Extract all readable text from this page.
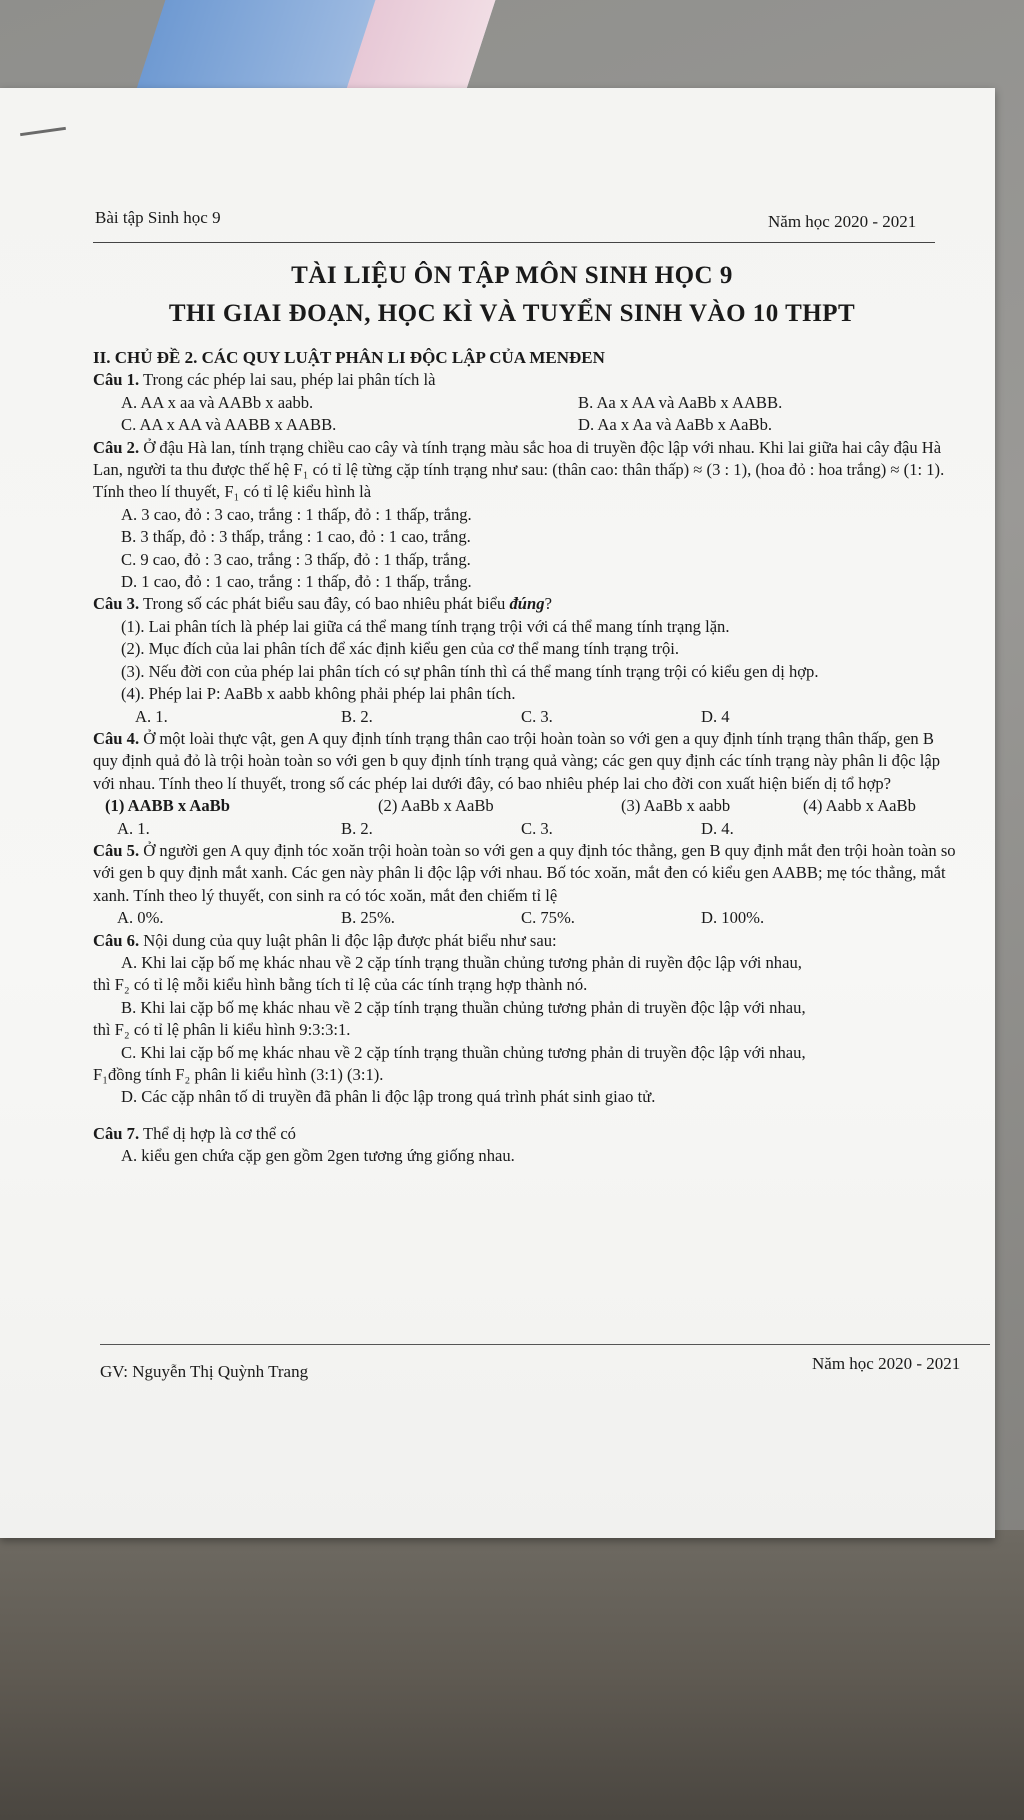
Bài tập Sinh học 9	Năm học 2020 - 2021
TÀI LIỆU ÔN TẬP MÔN SINH HỌC 9
THI GIAI ĐOẠN, HỌC KÌ VÀ TUYỂN SINH VÀO 10 THPT

II. CHỦ ĐỀ 2. CÁC QUY LUẬT PHÂN LI ĐỘC LẬP CỦA MENĐEN

Câu 1. Trong các phép lai sau, phép lai phân tích là

A. AA x aa và AABb x aabb.	B. Aa x AA và AaBb x AABB.
C. AA x AA và AABB x AABB.	D. Aa x Aa và AaBb x AaBb.

Câu 2. Ở đậu Hà lan, tính trạng chiều cao cây và tính trạng màu sắc hoa di truyền độc lập với nhau. Khi lai giữa hai cây đậu Hà Lan, người ta thu được thế hệ F₁ có tỉ lệ từng cặp tính trạng như sau: (thân cao: thân thấp) ≈ (3 : 1), (hoa đỏ : hoa trắng) ≈ (1: 1). Tính theo lí thuyết, F₁ có tỉ lệ kiểu hình là

A. 3 cao, đỏ : 3 cao, trắng : 1 thấp, đỏ : 1 thấp, trắng.

B. 3 thấp, đỏ : 3 thấp, trắng : 1 cao, đỏ : 1 cao, trắng.

C. 9 cao, đỏ : 3 cao, trắng : 3 thấp, đỏ : 1 thấp, trắng.

D. 1 cao, đỏ : 1 cao, trắng : 1 thấp, đỏ : 1 thấp, trắng.

Câu 3. Trong số các phát biểu sau đây, có bao nhiêu phát biểu đúng?

(1). Lai phân tích là phép lai giữa cá thể mang tính trạng trội với cá thể mang tính trạng lặn.

(2). Mục đích của lai phân tích để xác định kiểu gen của cơ thể mang tính trạng trội.

(3). Nếu đời con của phép lai phân tích có sự phân tính thì cá thể mang tính trạng trội có kiểu gen dị hợp.

(4). Phép lai P: AaBb x aabb không phải phép lai phân tích.

A. 1.	B. 2.	C. 3.	D. 4

Câu 4. Ở một loài thực vật, gen A quy định tính trạng thân cao trội hoàn toàn so với gen a quy định tính trạng thân thấp, gen B quy định quả đỏ là trội hoàn toàn so với gen b quy định tính trạng quả vàng; các gen quy định các tính trạng này phân li độc lập với nhau. Tính theo lí thuyết, trong số các phép lai dưới đây, có bao nhiêu phép lai cho đời con xuất hiện biến dị tổ hợp?

(1) AABB x AaBb	(2) AaBb x AaBb	(3) AaBb x aabb	(4) Aabb x AaBb
A. 1.	B. 2.	C. 3.	D. 4.

Câu 5. Ở người gen A quy định tóc xoăn trội hoàn toàn so với gen a quy định tóc thẳng, gen B quy định mắt đen trội hoàn toàn so với gen b quy định mắt xanh. Các gen này phân li độc lập với nhau. Bố tóc xoăn, mắt đen có kiểu gen AABB; mẹ tóc thẳng, mắt xanh. Tính theo lý thuyết, con sinh ra có tóc xoăn, mắt đen chiếm tỉ lệ

A. 0%.	B. 25%.	C. 75%.	D. 100%.

Câu 6. Nội dung của quy luật phân li độc lập được phát biểu như sau:

A. Khi lai cặp bố mẹ khác nhau về 2 cặp tính trạng thuần chủng tương phản di ruyền độc lập với nhau,

thì F₂ có tỉ lệ mỗi kiểu hình bằng tích tỉ lệ của các tính trạng hợp thành nó.

B. Khi lai cặp bố mẹ khác nhau về 2 cặp tính trạng thuần chủng tương phản di truyền độc lập với nhau,

thì F₂ có tỉ lệ phân li kiểu hình 9:3:3:1.

C. Khi lai cặp bố mẹ khác nhau về 2 cặp tính trạng thuần chủng tương phản di truyền độc lập với nhau,

F₁đồng tính F₂ phân li kiểu hình (3:1) (3:1).

D. Các cặp nhân tố di truyền đã phân li độc lập trong quá trình phát sinh giao tử.

Câu 7. Thể dị hợp là cơ thể có

A. kiểu gen chứa cặp gen gồm 2gen tương ứng giống nhau.

GV: Nguyễn Thị Quỳnh Trang	Năm học 2020 - 2021
